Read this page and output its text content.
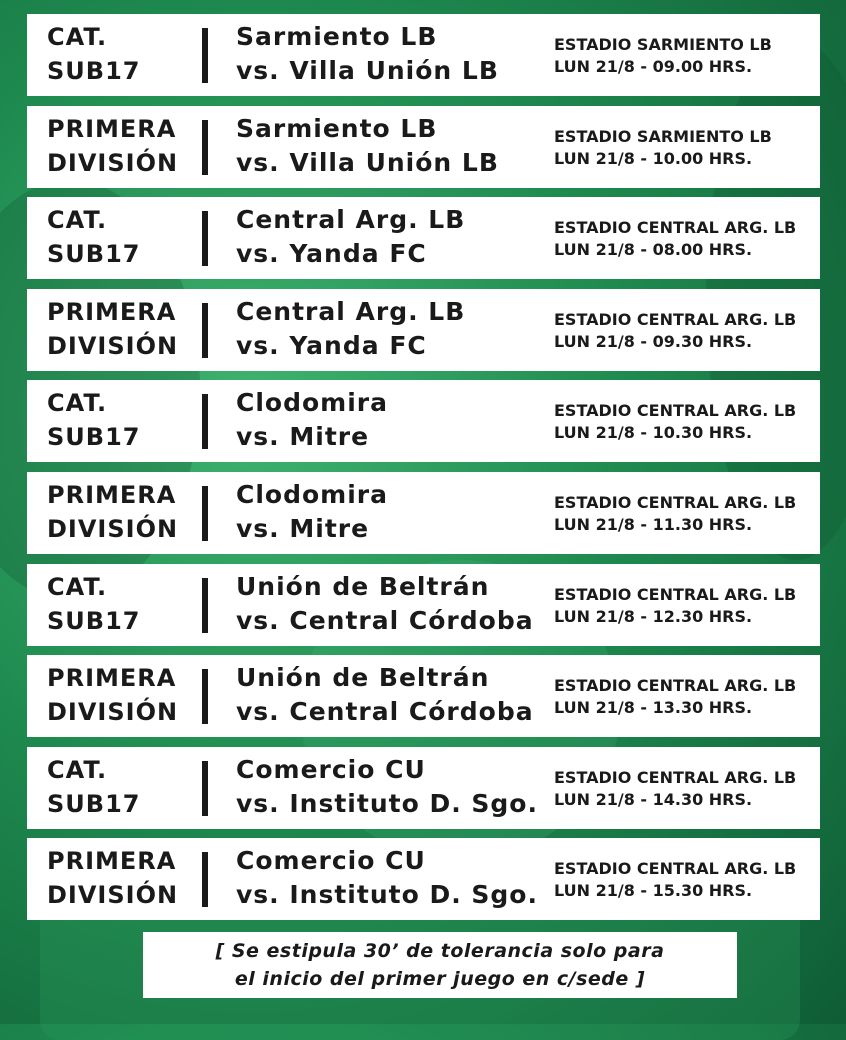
CAT.
SUB17
Sarmiento LB
vs. Villa Unión LB
ESTADIO SARMIENTO LB
LUN 21/8 - 09.00 HRS.
PRIMERA
DIVISIÓN
Sarmiento LB
vs. Villa Unión LB
ESTADIO SARMIENTO LB
LUN 21/8 - 10.00 HRS.
CAT.
SUB17
Central Arg. LB
vs. Yanda FC
ESTADIO CENTRAL ARG. LB
LUN 21/8 - 08.00 HRS.
PRIMERA
DIVISIÓN
Central Arg. LB
vs. Yanda FC
ESTADIO CENTRAL ARG. LB
LUN 21/8 - 09.30 HRS.
CAT.
SUB17
Clodomira
vs. Mitre
ESTADIO CENTRAL ARG. LB
LUN 21/8 - 10.30 HRS.
PRIMERA
DIVISIÓN
Clodomira
vs. Mitre
ESTADIO CENTRAL ARG. LB
LUN 21/8 - 11.30 HRS.
CAT.
SUB17
Unión de Beltrán
vs. Central Córdoba
ESTADIO CENTRAL ARG. LB
LUN 21/8 - 12.30 HRS.
PRIMERA
DIVISIÓN
Unión de Beltrán
vs. Central Córdoba
ESTADIO CENTRAL ARG. LB
LUN 21/8 - 13.30 HRS.
CAT.
SUB17
Comercio CU
vs. Instituto D. Sgo.
ESTADIO CENTRAL ARG. LB
LUN 21/8 - 14.30 HRS.
PRIMERA
DIVISIÓN
Comercio CU
vs. Instituto D. Sgo.
ESTADIO CENTRAL ARG. LB
LUN 21/8 - 15.30 HRS.
[ Se estipula 30’ de tolerancia solo para
el inicio del primer juego en c/sede ]
